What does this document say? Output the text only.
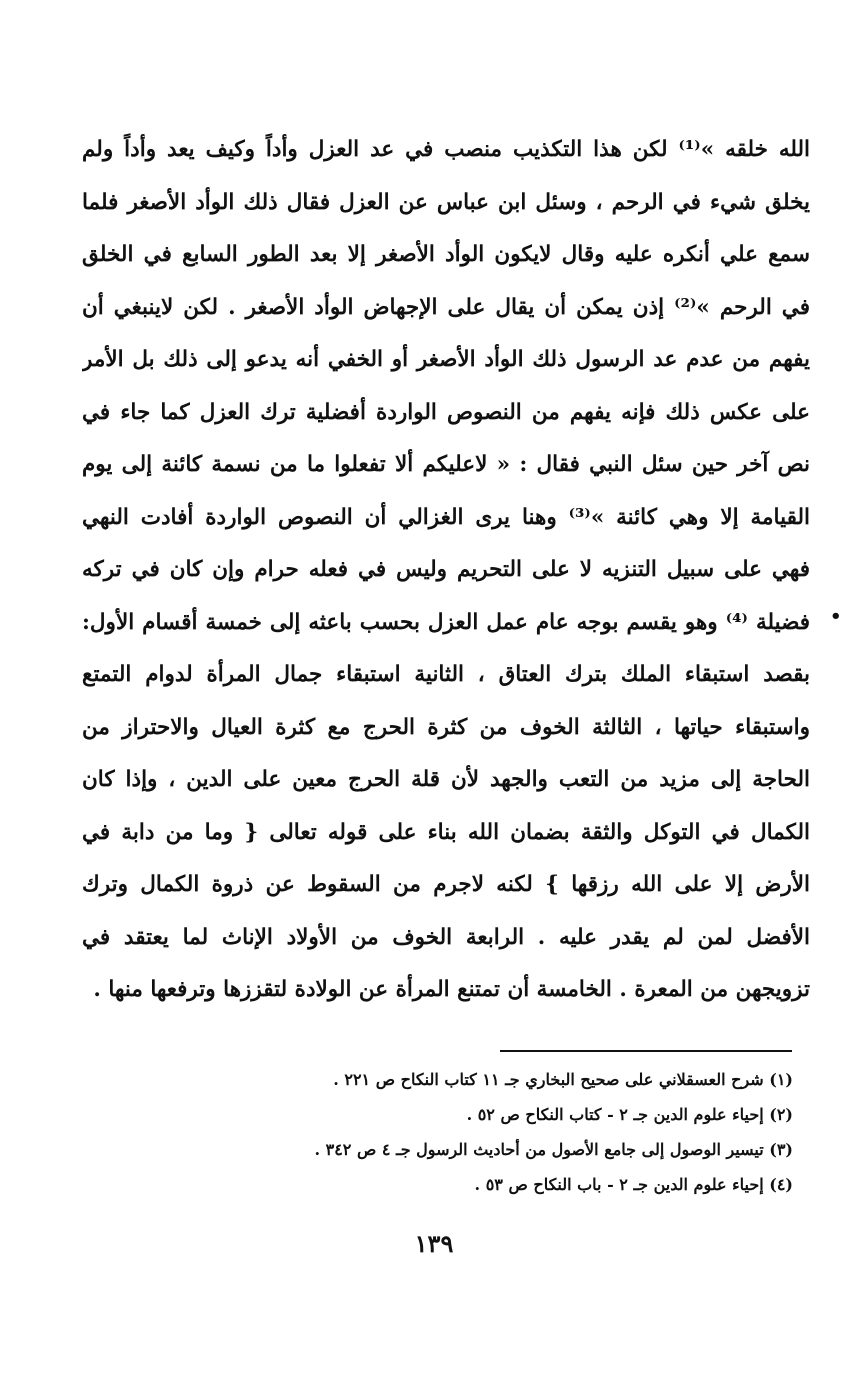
الله خلقه »⁽¹⁾ لكن هذا التكذيب منصب في عد العزل وأداً وكيف يعد وأداً ولم
يخلق شيء في الرحم ، وسئل ابن عباس عن العزل فقال ذلك الوأد الأصغر فلما
سمع علي أنكره عليه وقال لايكون الوأد الأصغر إلا بعد الطور السابع في الخلق
في الرحم »⁽²⁾ إذن يمكن أن يقال على الإجهاض الوأد الأصغر . لكن لاينبغي أن
يفهم من عدم عد الرسول ذلك الوأد الأصغر أو الخفي أنه يدعو إلى ذلك بل الأمر
على عكس ذلك فإنه يفهم من النصوص الواردة أفضلية ترك العزل كما جاء في
نص آخر حين سئل النبي فقال : « لاعليكم ألا تفعلوا ما من نسمة كائنة إلى يوم
القيامة إلا وهي كائنة »⁽³⁾ وهنا يرى الغزالي أن النصوص الواردة أفادت النهي
فهي على سبيل التنزيه لا على التحريم وليس في فعله حرام وإن كان في تركه
فضيلة ⁽⁴⁾ وهو يقسم بوجه عام عمل العزل بحسب باعثه إلى خمسة أقسام الأول:
بقصد استبقاء الملك بترك العتاق ، الثانية استبقاء جمال المرأة لدوام التمتع
واستبقاء حياتها ، الثالثة الخوف من كثرة الحرج مع كثرة العيال والاحتراز من
الحاجة إلى مزيد من التعب والجهد لأن قلة الحرج معين على الدين ، وإذا كان
الكمال في التوكل والثقة بضمان الله بناء على قوله تعالى { وما من دابة في
الأرض إلا على الله رزقها } لكنه لاجرم من السقوط عن ذروة الكمال وترك
الأفضل لمن لم يقدر عليه . الرابعة الخوف من الأولاد الإناث لما يعتقد في
تزويجهن من المعرة . الخامسة أن تمتنع المرأة عن الولادة لتقززها وترفعها منها .
•
(١) شرح العسقلاني على صحيح البخاري جـ ١١ كتاب النكاح ص ٢٢١ .
(٢) إحياء علوم الدين جـ ٢ - كتاب النكاح ص ٥٢ .
(٣) تيسير الوصول إلى جامع الأصول من أحاديث الرسول جـ ٤ ص ٣٤٢ .
(٤) إحياء علوم الدين جـ ٢ - باب النكاح ص ٥٣ .
١٣٩
